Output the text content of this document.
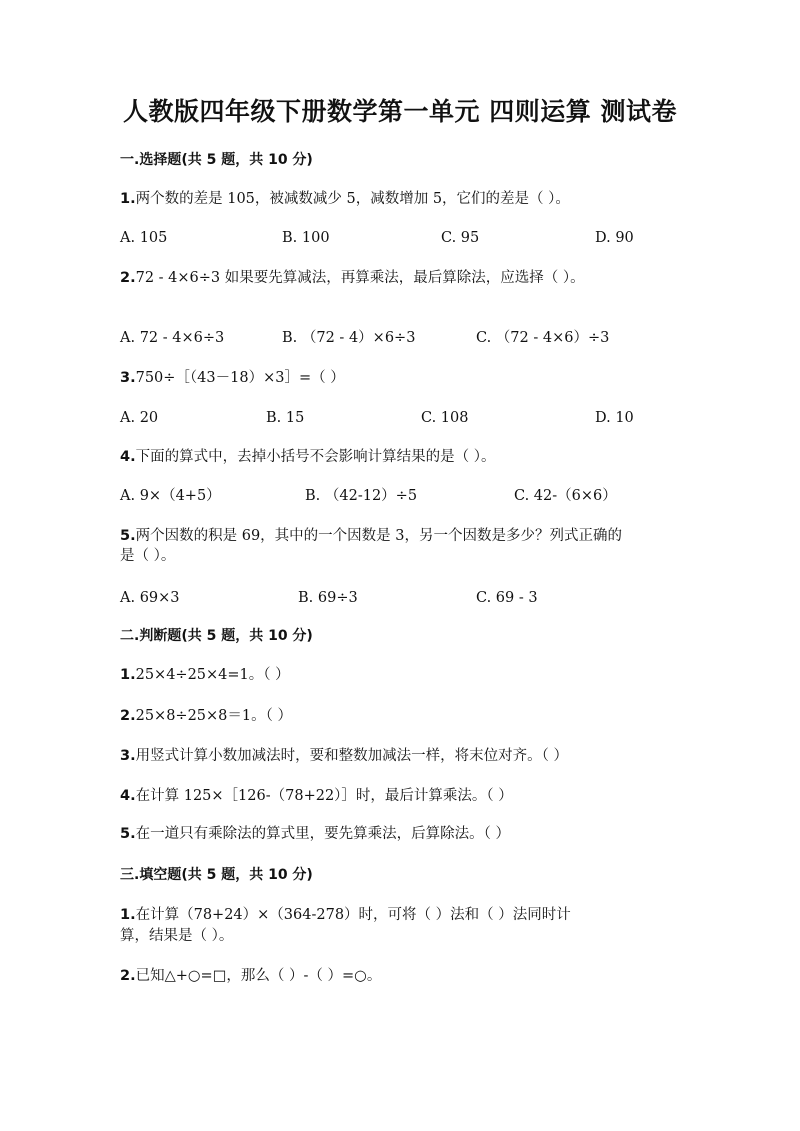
人教版四年级下册数学第一单元 四则运算 测试卷
一.选择题(共 5 题，共 10 分)
1.两个数的差是 105，被减数减少 5，减数增加 5，它们的差是（ ）。
A. 105	B. 100	C. 95	D. 90
2.72 - 4×6÷3 如果要先算减法，再算乘法，最后算除法，应选择（ ）。
A. 72 - 4×6÷3	B. （72 - 4）×6÷3	C. （72 - 4×6）÷3
3.750÷［（43－18）×3］=（ ）
A. 20	B. 15	C. 108	D. 10
4.下面的算式中，去掉小括号不会影响计算结果的是（ ）。
A. 9×（4+5）	B. （42-12）÷5	C. 42-（6×6）
5.两个因数的积是 69，其中的一个因数是 3，另一个因数是多少？列式正确的
是（ ）。
A. 69×3	B. 69÷3	C. 69 - 3
二.判断题(共 5 题，共 10 分)
1.25×4÷25×4=1。（ ）
2.25×8÷25×8＝1。（ ）
3.用竖式计算小数加减法时，要和整数加减法一样，将末位对齐。（ ）
4.在计算 125×［126-（78+22）］时，最后计算乘法。（ ）
5.在一道只有乘除法的算式里，要先算乘法，后算除法。（ ）
三.填空题(共 5 题，共 10 分)
1.在计算（78+24）×（364-278）时，可将（ ）法和（ ）法同时计
算，结果是（ ）。
2.已知△+○=□，那么（ ）-（ ）=○。
